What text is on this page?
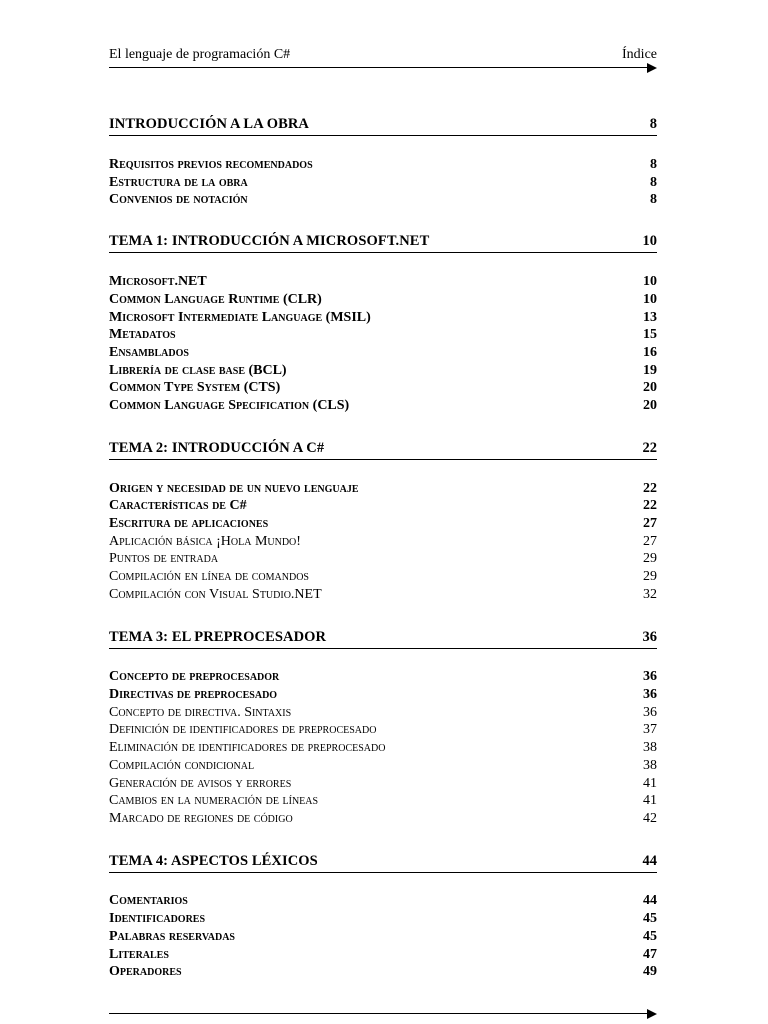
El lenguaje de programación C#	Índice
INTRODUCCIÓN A LA OBRA	8
Requisitos previos recomendados	8
Estructura de la obra	8
Convenios de notación	8
TEMA 1: INTRODUCCIÓN A MICROSOFT.NET	10
Microsoft.NET	10
Common Language Runtime (CLR)	10
Microsoft Intermediate Language (MSIL)	13
Metadatos	15
Ensamblados	16
Librería de clase base (BCL)	19
Common Type System (CTS)	20
Common Language Specification (CLS)	20
TEMA 2: INTRODUCCIÓN A C#	22
Origen y necesidad de un nuevo lenguaje	22
Características de C#	22
Escritura de aplicaciones	27
Aplicación básica ¡Hola Mundo!	27
Puntos de entrada	29
Compilación en línea de comandos	29
Compilación con Visual Studio.NET	32
TEMA 3: EL PREPROCESADOR	36
Concepto de preprocesador	36
Directivas de preprocesado	36
Concepto de directiva. Sintaxis	36
Definición de identificadores de preprocesado	37
Eliminación de identificadores de preprocesado	38
Compilación condicional	38
Generación de avisos y errores	41
Cambios en la numeración de líneas	41
Marcado de regiones de código	42
TEMA 4: ASPECTOS LÉXICOS	44
Comentarios	44
Identificadores	45
Palabras reservadas	45
Literales	47
Operadores	49
